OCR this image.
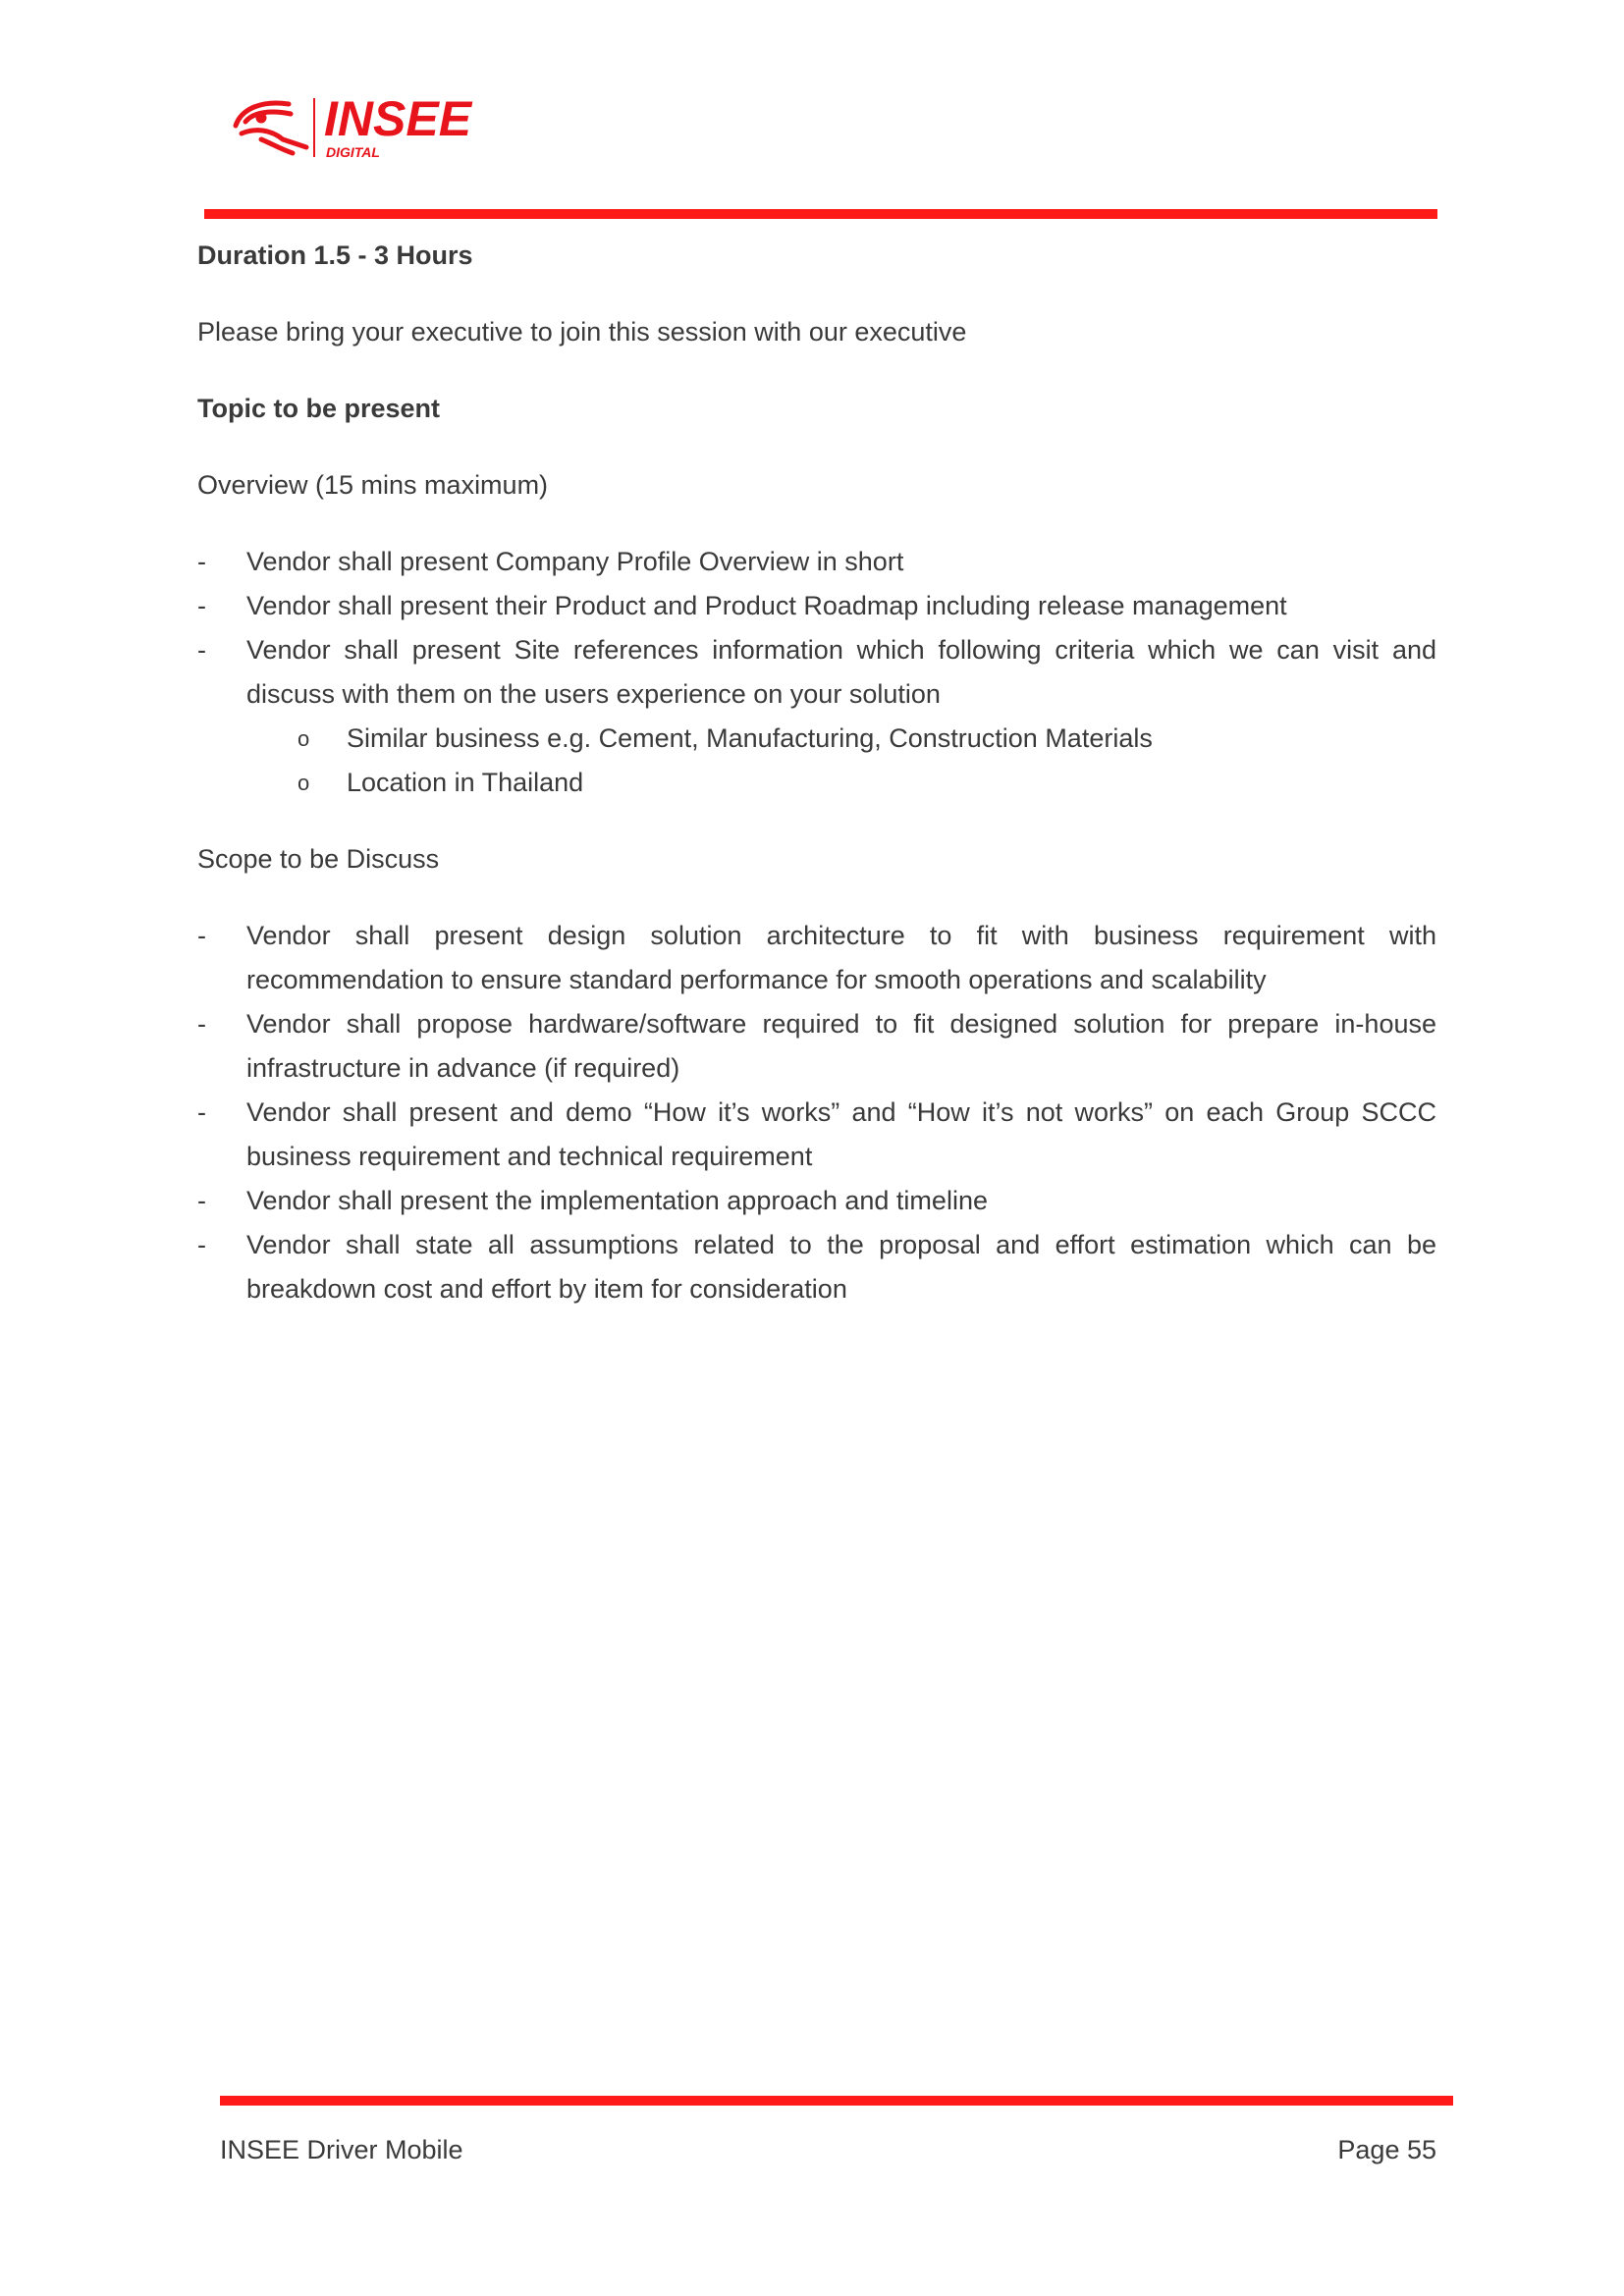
INSEE
DIGITAL

Duration 1.5 - 3 Hours

Please bring your executive to join this session with our executive

Topic to be present

Overview (15 mins maximum)

- Vendor shall present Company Profile Overview in short
- Vendor shall present their Product and Product Roadmap including release management
- Vendor shall present Site references information which following criteria which we can visit and discuss with them on the users experience on your solution
o	Similar business e.g. Cement, Manufacturing, Construction Materials
o	Location in Thailand

Scope to be Discuss

- Vendor shall present design solution architecture to fit with business requirement with recommendation to ensure standard performance for smooth operations and scalability
- Vendor shall propose hardware/software required to fit designed solution for prepare in-house infrastructure in advance (if required)
- Vendor shall present and demo “How it’s works” and “How it’s not works” on each Group SCCC business requirement and technical requirement
- Vendor shall present the implementation approach and timeline
- Vendor shall state all assumptions related to the proposal and effort estimation which can be breakdown cost and effort by item for consideration
INSEE Driver Mobile	Page 55
